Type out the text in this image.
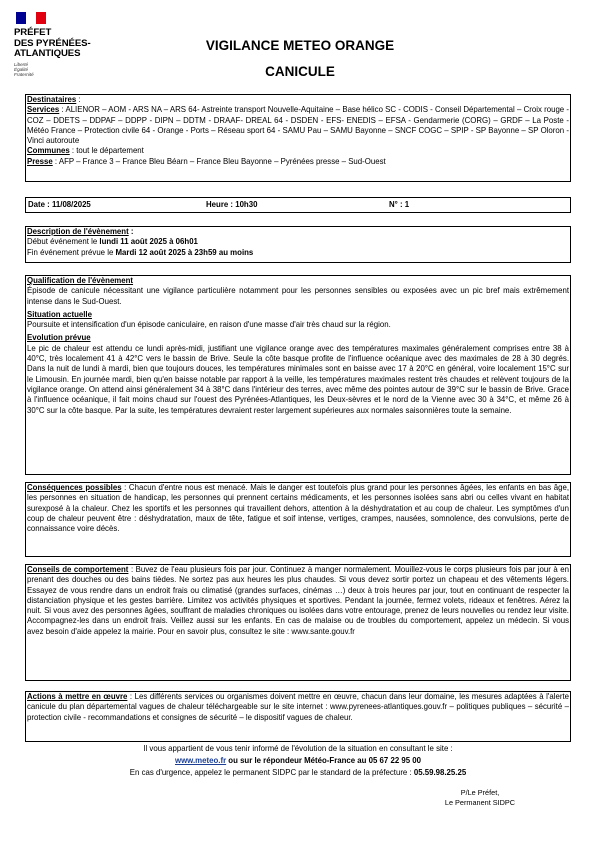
PRÉFET
DES PYRÉNÉES-
ATLANTIQUES
Liberté
Égalité
Fraternité
VIGILANCE METEO ORANGE
CANICULE
Destinataires :
Services : ALIENOR – AOM - ARS NA – ARS 64- Astreinte transport Nouvelle-Aquitaine – Base hélico SC - CODIS - Conseil Départemental – Croix rouge - COZ – DDETS – DDPAF – DDPP - DIPN – DDTM - DRAAF- DREAL 64 - DSDEN - EFS- ENEDIS – EFSA - Gendarmerie (CORG) – GRDF – La Poste - Météo France – Protection civile 64 - Orange - Ports – Réseau sport 64 - SAMU Pau – SAMU Bayonne – SNCF COGC – SPIP - SP Bayonne – SP Oloron - Vinci autoroute
Communes : tout le département
Presse : AFP – France 3 – France Bleu Béarn – France Bleu Bayonne – Pyrénées presse – Sud-Ouest
Date : 11/08/2025	Heure : 10h30	N° : 1
Description de l'évènement :
Début événement le lundi 11 août 2025 à 06h01
Fin événement prévue le Mardi 12 août 2025 à 23h59 au moins
Qualification de l'évènement
Épisode de canicule nécessitant une vigilance particulière notamment pour les personnes sensibles ou exposées avec un pic bref mais extrêmement intense dans le Sud-Ouest.
Situation actuelle
Poursuite et intensification d'un épisode caniculaire, en raison d'une masse d'air très chaud sur la région.
Evolution prévue
Le pic de chaleur est attendu ce lundi après-midi, justifiant une vigilance orange avec des températures maximales généralement comprises entre 38 à 40°C, très localement 41 à 42°C vers le bassin de Brive. Seule la côte basque profite de l'influence océanique avec des maximales de 28 à 30 degrés. Dans la nuit de lundi à mardi, bien que toujours douces, les températures minimales sont en baisse avec 17 à 20°C en général, voire localement 15°C sur le Limousin. En journée mardi, bien qu'en baisse notable par rapport à la veille, les températures maximales restent très chaudes et relèvent toujours de la vigilance orange. On attend ainsi généralement 34 à 38°C dans l'intérieur des terres, avec même des pointes autour de 39°C sur le bassin de Brive. Grace à l'influence océanique, il fait moins chaud sur l'ouest des Pyrénées-Atlantiques, les Deux-sèvres et le nord de la Vienne avec 30 à 34°C, et même 26 à 30°C sur la côte basque. Par la suite, les températures devraient rester largement supérieures aux normales saisonnières toute la semaine.
Conséquences possibles : Chacun d'entre nous est menacé. Mais le danger est toutefois plus grand pour les personnes âgées, les enfants en bas âge, les personnes en situation de handicap, les personnes qui prennent certains médicaments, et les personnes isolées sans abri ou celles vivant en habitat surexposé à la chaleur. Chez les sportifs et les personnes qui travaillent dehors, attention à la déshydratation et au coup de chaleur. Les symptômes d'un coup de chaleur peuvent être : déshydratation, maux de tête, fatigue et soif intense, vertiges, crampes, nausées, somnolence, des convulsions, perte de connaissance voire décès.
Conseils de comportement : Buvez de l'eau plusieurs fois par jour. Continuez à manger normalement. Mouillez-vous le corps plusieurs fois par jour à en prenant des douches ou des bains tièdes. Ne sortez pas aux heures les plus chaudes. Si vous devez sortir portez un chapeau et des vêtements légers. Essayez de vous rendre dans un endroit frais ou climatisé (grandes surfaces, cinémas …) deux à trois heures par jour, tout en continuant de respecter la distanciation physique et les gestes barrière. Limitez vos activités physiques et sportives. Pendant la journée, fermez volets, rideaux et fenêtres. Aérez la nuit. Si vous avez des personnes âgées, souffrant de maladies chroniques ou isolées dans votre entourage, prenez de leurs nouvelles ou rendez leur visite. Accompagnez-les dans un endroit frais. Veillez aussi sur les enfants. En cas de malaise ou de troubles du comportement, appelez un médecin. Si vous avez besoin d'aide appelez la mairie. Pour en savoir plus, consultez le site : www.sante.gouv.fr
Actions à mettre en œuvre : Les différents services ou organismes doivent mettre en œuvre, chacun dans leur domaine, les mesures adaptées à l'alerte canicule du plan départemental vagues de chaleur téléchargeable sur le site internet : www.pyrenees-atlantiques.gouv.fr – politiques publiques – sécurité – protection civile - recommandations et consignes de sécurité – le dispositif vagues de chaleur.
Il vous appartient de vous tenir informé de l'évolution de la situation en consultant le site :
www.meteo.fr ou sur le répondeur Météo-France au 05 67 22 95 00
En cas d'urgence, appelez le permanent SIDPC par le standard de la préfecture : 05.59.98.25.25
P/Le Préfet,
Le Permanent SIDPC
